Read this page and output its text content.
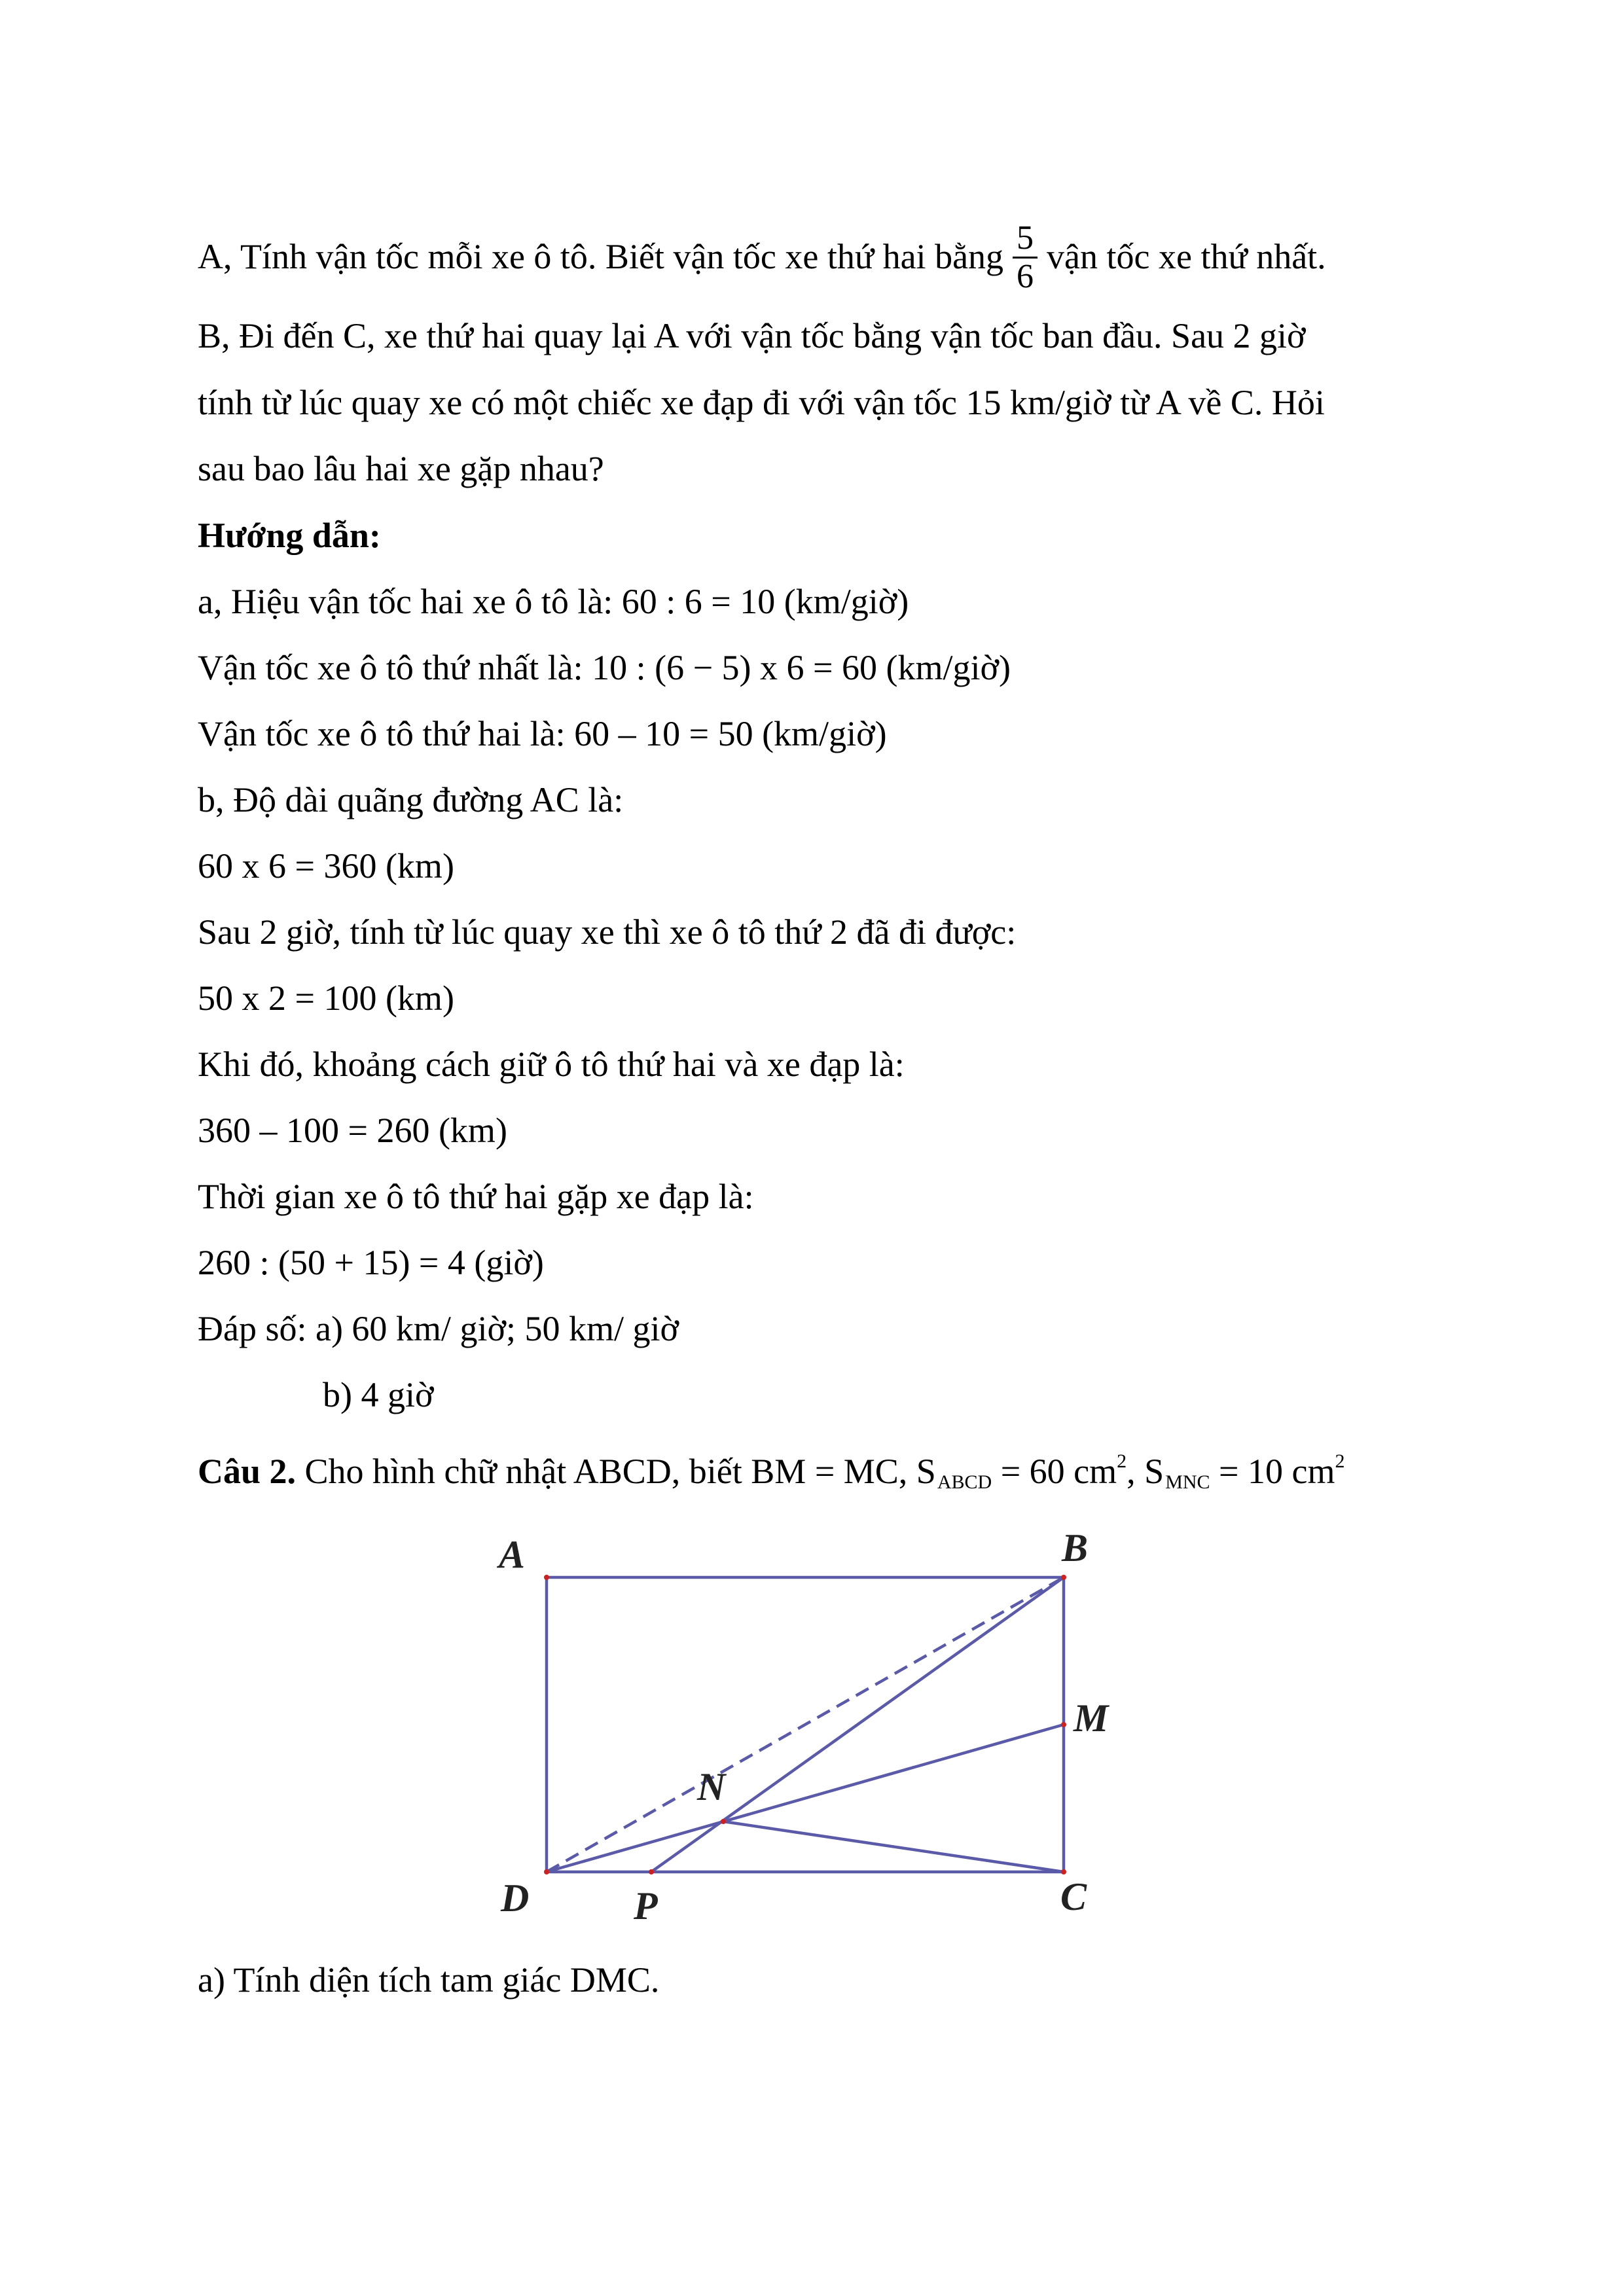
A, Tính vận tốc mỗi xe ô tô. Biết vận tốc xe thứ hai bằng $\frac{5}{6}$ vận tốc xe thứ nhất.
B, Đi đến C, xe thứ hai quay lại A với vận tốc bằng vận tốc ban đầu. Sau 2 giờ
tính từ lúc quay xe có một chiếc xe đạp đi với vận tốc 15 km/giờ từ A về C. Hỏi
sau bao lâu hai xe gặp nhau?
Hướng dẫn:
a, Hiệu vận tốc hai xe ô tô là: 60 : 6 = 10 (km/giờ)
Vận tốc xe ô tô thứ nhất là: 10 : (6 − 5) x 6 = 60 (km/giờ)
Vận tốc xe ô tô thứ hai là: 60 – 10 = 50 (km/giờ)
b, Độ dài quãng đường AC là:
60 x 6 = 360 (km)
Sau 2 giờ, tính từ lúc quay xe thì xe ô tô thứ 2 đã đi được:
50 x 2 = 100 (km)
Khi đó, khoảng cách giữ ô tô thứ hai và xe đạp là:
360 – 100 = 260 (km)
Thời gian xe ô tô thứ hai gặp xe đạp là:
260 : (50 + 15) = 4 (giờ)
Đáp số: a) 60 km/ giờ; 50 km/ giờ
b) 4 giờ
Câu 2. Cho hình chữ nhật ABCD, biết BM = MC, $S_{ABCD} = 60$ $cm^2$, $S_{MNC} = 10$ $cm^2$
A	B
M
N
D	P	C
a) Tính diện tích tam giác DMC.
